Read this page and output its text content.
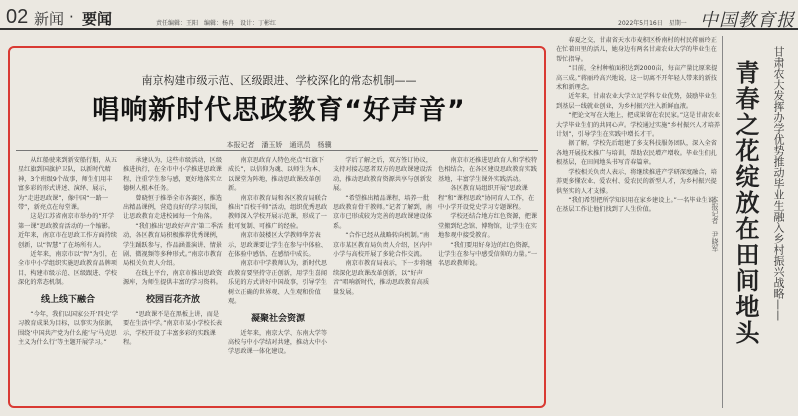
02 新闻 · 要闻	责任编辑：王阳　编辑：杨冉　设计：丁彬红	2022年5月16日　星期一 中国教育报
南京构建市级示范、区级跟进、学校深化的常态机制——
唱响新时代思政教育“好声音”
本报记者　潘玉娇　通讯员　杨骥

从红船驶来到新安船行船，从五星红旗到国旗护卫队，以新时代精神，3个班级9个故事，师生们用丰富多彩的形式讲述、演绎、展示，为“走进思政课”，像中国“一路一带”，新亮点在每堂课。

这是江苏省南京市举办的“开学第一课”思政教育活动的一个缩影。近年来，南京市在思政工作方面持续创新，以“智慧”了在场所有人。

近年来，南京市以“智”为引，在全市中小学组织实施思政教育品牌项目，构建市级示范、区级跟进、学校深化的常态机制。

线上线下融合

“今年，我们以国家公开‘四史’学习教育成果为目标，以事实为依据，围绕‘中国共产党为什么能’与‘马克思主义为什么行’等主题开展学习。”

承建认为，这些市级活动，区级推进执行，在全市中小学推进思政课程，注重学生参与感，更好地落实立德树人根本任务。

曾晓恒于推举全市各赛区，推选出精品课例，营造良好的学习氛围，让思政教育走进校园每一个角落。

“我们推出‘思政好声音’第二季活动，各区教育局积极推荐优秀课例，学生踊跃参与，作品涵盖演讲、情景剧、微视频等多种形式。”南京市教育局相关负责人介绍。

在线上平台，南京市推出思政资源库，为师生提供丰富的学习资料。

校园百花齐放

“思政课不是在黑板上讲，而是要在生活中学。”南京市某小学校长表示，学校开设了丰富多彩的实践课程。

南京思政育人特色亮点“红旗下成长”，以信仰为魂、以师生为本、以课堂为阵地，推动思政课改革创新。

南京市教育局和各区教育局联合推出“百校千师”活动，组织优秀思政教师深入学校开展示范课，形成了一批可复制、可推广的经验。

南京市鼓楼区大学教师华芳表示，思政课要让学生在参与中体验、在体验中感悟、在感悟中成长。

南京市中学教师认为，新时代思政教育要坚持守正创新，用学生喜闻乐见的方式讲好中国故事，引导学生树立正确的世界观、人生观和价值观。

凝聚社会资源

近年来，南京大学、东南大学等高校与中小学结对共建，推动大中小学思政课一体化建设。

学后了解之后，双方签订协议，支持对接志愿者双方的思政课建设活动，推动思政教育资源共享与创新发展。

“希望推出精品课程，培养一批思政教育骨干教师。”记者了解到，南京市已形成较为完善的思政课建设体系。

“合作已经从战略转向机制。”南京市某区教育局负责人介绍，区内中小学与高校开展了多轮合作交流。

南京市教育局表示，下一步将继续深化思政课改革创新，以“好声音”唱响新时代，推动思政教育高质量发展。

南京市还推进思政育人和学校特色相结合，在各区建设思政教育实践基地，丰富学生课外实践活动。

各区教育局组织开展“思政课程”和“课程思政”协同育人工作，在中小学开设党史学习专题课程。

学校还结合地方红色资源，把课堂搬到纪念馆、博物馆，让学生在实地参观中接受教育。

“我们要用好身边的红色资源，让学生在参与中感受信仰的力量。”一名思政教师说。

春夏之交，甘肃省天水市麦积区桥南村的村民蒋丽玲正在忙着田里的活儿，她身边有两名甘肃农业大学的毕业生在帮忙指导。

“目前，全村种植面积达到2000亩，每亩产量比原来提高三成。”蒋丽玲高兴地说，这一切离不开年轻人带来的新技术和新理念。

近年来，甘肃农业大学立足学科专业优势，鼓励毕业生到基层一线就业创业，为乡村振兴注入新鲜血液。

“把论文写在大地上，把成果留在农民家。”这是甘肃农业大学毕业生们的共同心声。学校通过实施“乡村振兴人才培养计划”，引导学生在实践中增长才干。

据了解，学校先后组建了多支科技服务团队，深入全省各地开展技术推广与培训，帮助农民增产增收。毕业生们扎根基层，在田间地头书写青春篇章。

学校相关负责人表示，将继续推进产学研深度融合，培养更多懂农业、爱农村、爱农民的新型人才，为乡村振兴提供坚实的人才支撑。

“我们希望把所学知识用在家乡建设上。”一名毕业生说，在基层工作让他们找到了人生价值。	本报记者　尹晓军 青春之花绽放在田间地头 甘肃农大发挥办学优势推动毕业生融入乡村振兴战略——
